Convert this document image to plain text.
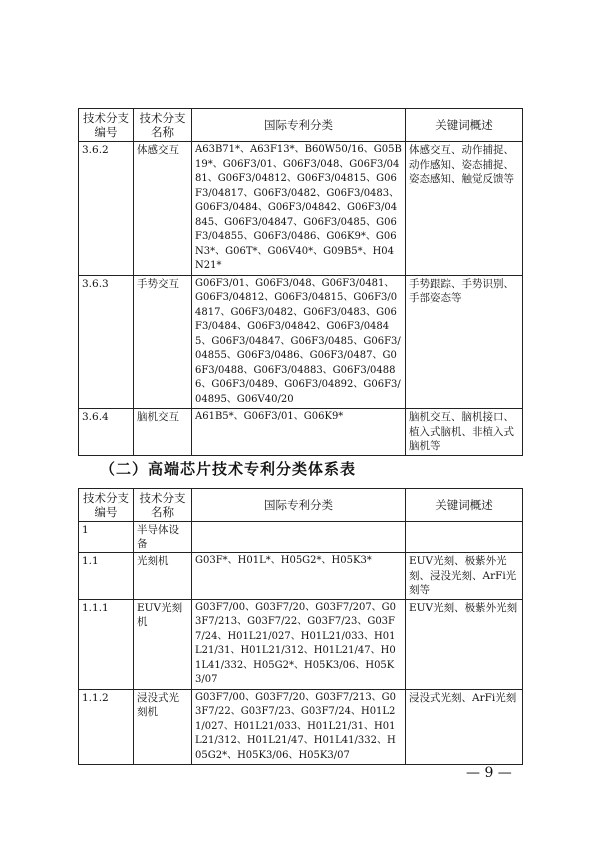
技术分支编号	技术分支名称	国际专利分类	关键词概述
3.6.2	体感交互	A63B71*、A63F13*、B60W50/16、G05B19*、G06F3/01、G06F3/048、G06F3/0481、G06F3/04812、G06F3/04815、G06F3/04817、G06F3/0482、G06F3/0483、G06F3/0484、G06F3/04842、G06F3/04845、G06F3/04847、G06F3/0485、G06F3/04855、G06F3/0486、G06K9*、G06N3*、G06T*、G06V40*、G09B5*、H04N21*	体感交互、动作捕捉、动作感知、姿态捕捉、姿态感知、触觉反馈等
3.6.3	手势交互	G06F3/01、G06F3/048、G06F3/0481、G06F3/04812、G06F3/04815、G06F3/04817、G06F3/0482、G06F3/0483、G06F3/0484、G06F3/04842、G06F3/04845、G06F3/04847、G06F3/0485、G06F3/04855、G06F3/0486、G06F3/0487、G06F3/0488、G06F3/04883、G06F3/04886、G06F3/0489、G06F3/04892、G06F3/04895、G06V40/20	手势跟踪、手势识别、手部姿态等
3.6.4	脑机交互	A61B5*、G06F3/01、G06K9*	脑机交互、脑机接口、植入式脑机、非植入式脑机等
（二）高端芯片技术专利分类体系表
技术分支编号	技术分支名称	国际专利分类	关键词概述
1	半导体设备		
1.1	光刻机	G03F*、H01L*、H05G2*、H05K3*	EUV光刻、极紫外光刻、浸没光刻、ArFi光刻等
1.1.1	EUV光刻机	G03F7/00、G03F7/20、G03F7/207、G03F7/213、G03F7/22、G03F7/23、G03F7/24、H01L21/027、H01L21/033、H01L21/31、H01L21/312、H01L21/47、H01L41/332、H05G2*、H05K3/06、H05K3/07	EUV光刻、极紫外光刻
1.1.2	浸没式光刻机	G03F7/00、G03F7/20、G03F7/213、G03F7/22、G03F7/23、G03F7/24、H01L21/027、H01L21/033、H01L21/31、H01L21/312、H01L21/47、H01L41/332、H05G2*、H05K3/06、H05K3/07	浸没式光刻、ArFi光刻
— 9 —
